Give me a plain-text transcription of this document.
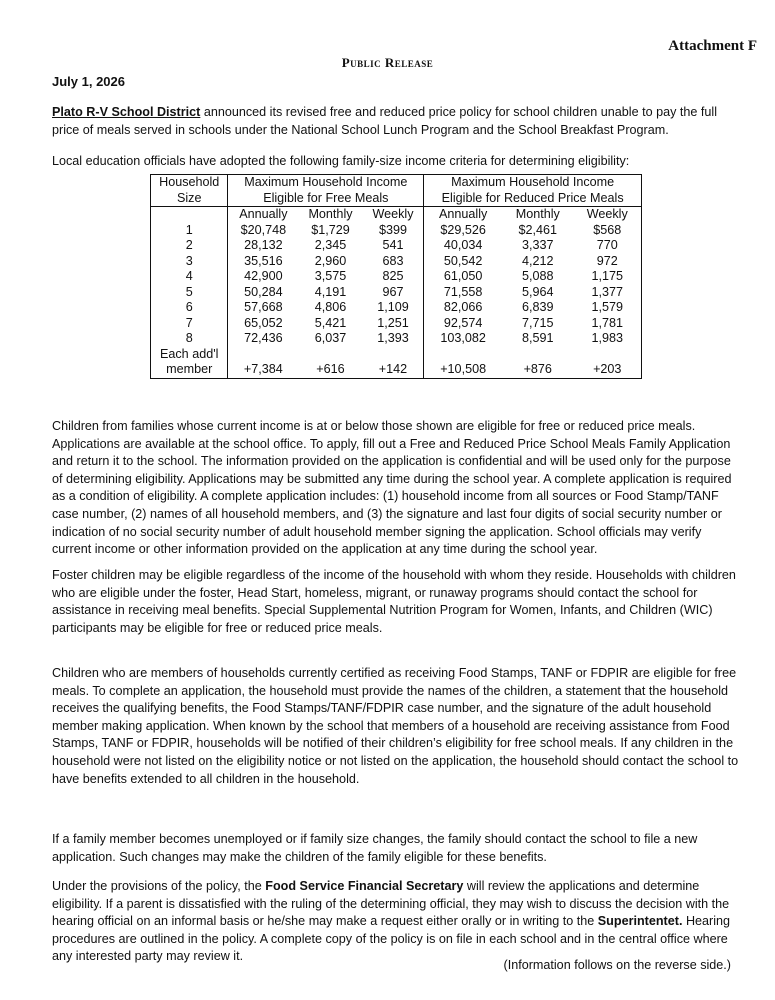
Attachment F
Public Release
July 1, 2026

Plato R-V School District announced its revised free and reduced price policy for school children unable to pay the full price of meals served in schools under the National School Lunch Program and the School Breakfast Program.

Local education officials have adopted the following family-size income criteria for determining eligibility:

Household	Maximum Household Income			Maximum Household Income		
Size	Eligible for Free Meals			Eligible for Reduced Price Meals		
	Annually	Monthly	Weekly	Annually	Monthly	Weekly
1	$20,748	$1,729	$399	$29,526	$2,461	$568
2	28,132	2,345	541	40,034	3,337	770
3	35,516	2,960	683	50,542	4,212	972
4	42,900	3,575	825	61,050	5,088	1,175
5	50,284	4,191	967	71,558	5,964	1,377
6	57,668	4,806	1,109	82,066	6,839	1,579
7	65,052	5,421	1,251	92,574	7,715	1,781
8	72,436	6,037	1,393	103,082	8,591	1,983
Each add'l						
member	+7,384	+616	+142	+10,508	+876	+203

Children from families whose current income is at or below those shown are eligible for free or reduced price meals. Applications are available at the school office. To apply, fill out a Free and Reduced Price School Meals Family Application and return it to the school. The information provided on the application is confidential and will be used only for the purpose of determining eligibility. Applications may be submitted any time during the school year. A complete application is required as a condition of eligibility. A complete application includes: (1) household income from all sources or Food Stamp/TANF case number, (2) names of all household members, and (3) the signature and last four digits of social security number or indication of no social security number of adult household member signing the application. School officials may verify current income or other information provided on the application at any time during the school year.

Foster children may be eligible regardless of the income of the household with whom they reside. Households with children who are eligible under the foster, Head Start, homeless, migrant, or runaway programs should contact the school for assistance in receiving meal benefits. Special Supplemental Nutrition Program for Women, Infants, and Children (WIC) participants may be eligible for free or reduced price meals.

Children who are members of households currently certified as receiving Food Stamps, TANF or FDPIR are eligible for free meals. To complete an application, the household must provide the names of the children, a statement that the household receives the qualifying benefits, the Food Stamps/TANF/FDPIR case number, and the signature of the adult household member making application. When known by the school that members of a household are receiving assistance from Food Stamps, TANF or FDPIR, households will be notified of their children’s eligibility for free school meals. If any children in the household were not listed on the eligibility notice or not listed on the application, the household should contact the school to have benefits extended to all children in the household.

If a family member becomes unemployed or if family size changes, the family should contact the school to file a new application. Such changes may make the children of the family eligible for these benefits.

Under the provisions of the policy, the Food Service Financial Secretary will review the applications and determine eligibility. If a parent is dissatisfied with the ruling of the determining official, they may wish to discuss the decision with the hearing official on an informal basis or he/she may make a request either orally or in writing to the Superintentet. Hearing procedures are outlined in the policy. A complete copy of the policy is on file in each school and in the central office where any interested party may review it.

(Information follows on the reverse side.)
